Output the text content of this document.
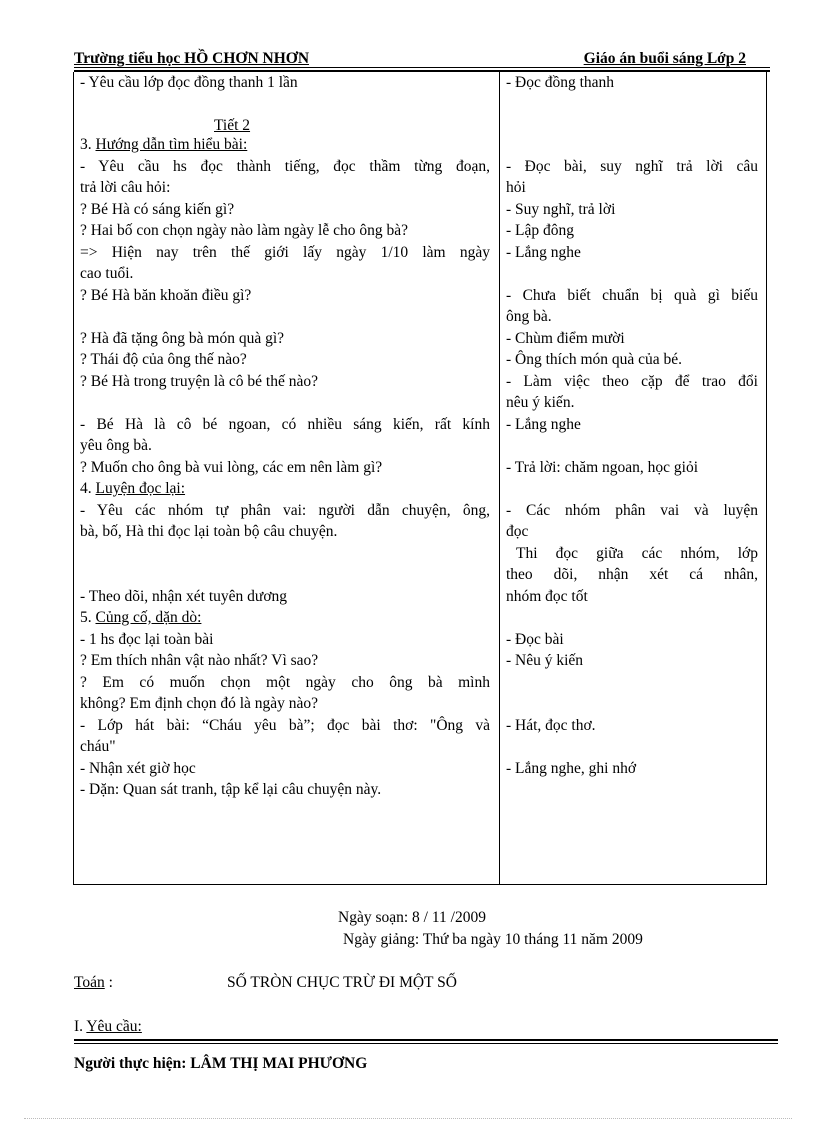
Trường tiểu học HỒ CHƠN NHƠN	Giáo án buổi sáng Lớp 2
- Yêu cầu lớp đọc đồng thanh 1 lần
Tiết 2
3. Hướng dẫn tìm hiểu bài:
- Yêu cầu hs đọc thành tiếng, đọc thầm từng đoạn,
trả lời câu hỏi:
? Bé Hà có sáng kiến gì?
? Hai bố con chọn ngày nào làm ngày lễ cho ông bà?
=> Hiện nay trên thế giới lấy ngày 1/10 làm ngày
cao tuổi.
? Bé Hà băn khoăn điều gì?
? Hà đã tặng ông bà món quà gì?
? Thái độ của ông thế nào?
? Bé Hà trong truyện là cô bé thế nào?
- Bé Hà là cô bé ngoan, có nhiều sáng kiến, rất kính
yêu ông bà.
? Muốn cho ông bà vui lòng, các em nên làm gì?
4. Luyện đọc lại:
- Yêu các nhóm tự phân vai: người dẫn chuyện, ông,
bà, bố, Hà thi đọc lại toàn bộ câu chuyện.
- Theo dõi, nhận xét tuyên dương
5. Củng cố, dặn dò:
- 1 hs đọc lại toàn bài
? Em thích nhân vật nào nhất? Vì sao?
? Em có muốn chọn một ngày cho ông bà mình
không? Em định chọn đó là ngày nào?
- Lớp hát bài: “Cháu yêu bà”; đọc bài thơ: "Ông và
cháu"
- Nhận xét giờ học
- Dặn: Quan sát tranh, tập kể lại câu chuyện này.
- Đọc đồng thanh
- Đọc bài, suy nghĩ trả lời câu
hỏi
- Suy nghĩ, trả lời
- Lập đông
- Lắng nghe
- Chưa biết chuẩn bị quà gì biếu
ông bà.
- Chùm điểm mười
- Ông thích món quà của bé.
- Làm việc theo cặp để trao đổi
nêu ý kiến.
- Lắng nghe
- Trả lời: chăm ngoan, học giỏi
- Các nhóm phân vai và luyện
đọc
Thi đọc giữa các nhóm, lớp
theo dõi, nhận xét cá nhân,
nhóm đọc tốt
- Đọc bài
- Nêu ý kiến
- Hát, đọc thơ.
- Lắng nghe, ghi nhớ
Ngày soạn: 8 / 11 /2009
Ngày giảng: Thứ ba ngày 10 tháng 11 năm 2009
Toán :	SỐ TRÒN CHỤC TRỪ ĐI MỘT SỐ
I. Yêu cầu:
Người thực hiện: LÂM THỊ MAI PHƯƠNG
